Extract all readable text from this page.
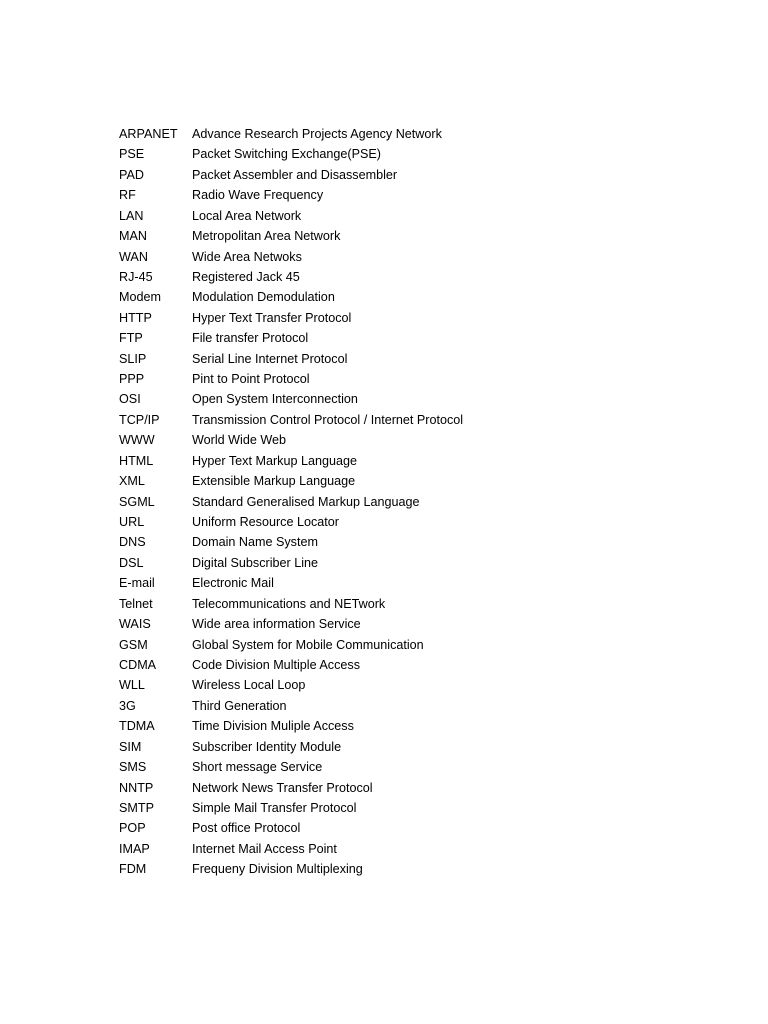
ARPANET	Advance Research Projects Agency Network
PSE	Packet Switching Exchange(PSE)
PAD	Packet Assembler and Disassembler
RF	Radio Wave Frequency
LAN	Local Area Network
MAN	Metropolitan Area Network
WAN	Wide Area Netwoks
RJ-45	Registered Jack 45
Modem	Modulation Demodulation
HTTP	Hyper Text Transfer Protocol
FTP	File transfer Protocol
SLIP	Serial Line Internet Protocol
PPP	Pint to Point Protocol
OSI	Open System Interconnection
TCP/IP	Transmission Control Protocol / Internet Protocol
WWW	World Wide Web
HTML	Hyper Text Markup Language
XML	Extensible Markup Language
SGML	Standard Generalised Markup Language
URL	Uniform Resource Locator
DNS	Domain Name System
DSL	Digital Subscriber Line
E-mail	Electronic Mail
Telnet	Telecommunications and NETwork
WAIS	Wide area information Service
GSM	Global System for Mobile Communication
CDMA	Code Division Multiple Access
WLL	Wireless Local Loop
3G	Third Generation
TDMA	Time Division Muliple Access
SIM	Subscriber Identity Module
SMS	Short message Service
NNTP	Network News Transfer Protocol
SMTP	Simple Mail Transfer Protocol
POP	Post office Protocol
IMAP	Internet Mail Access Point
FDM	Frequeny Division Multiplexing
